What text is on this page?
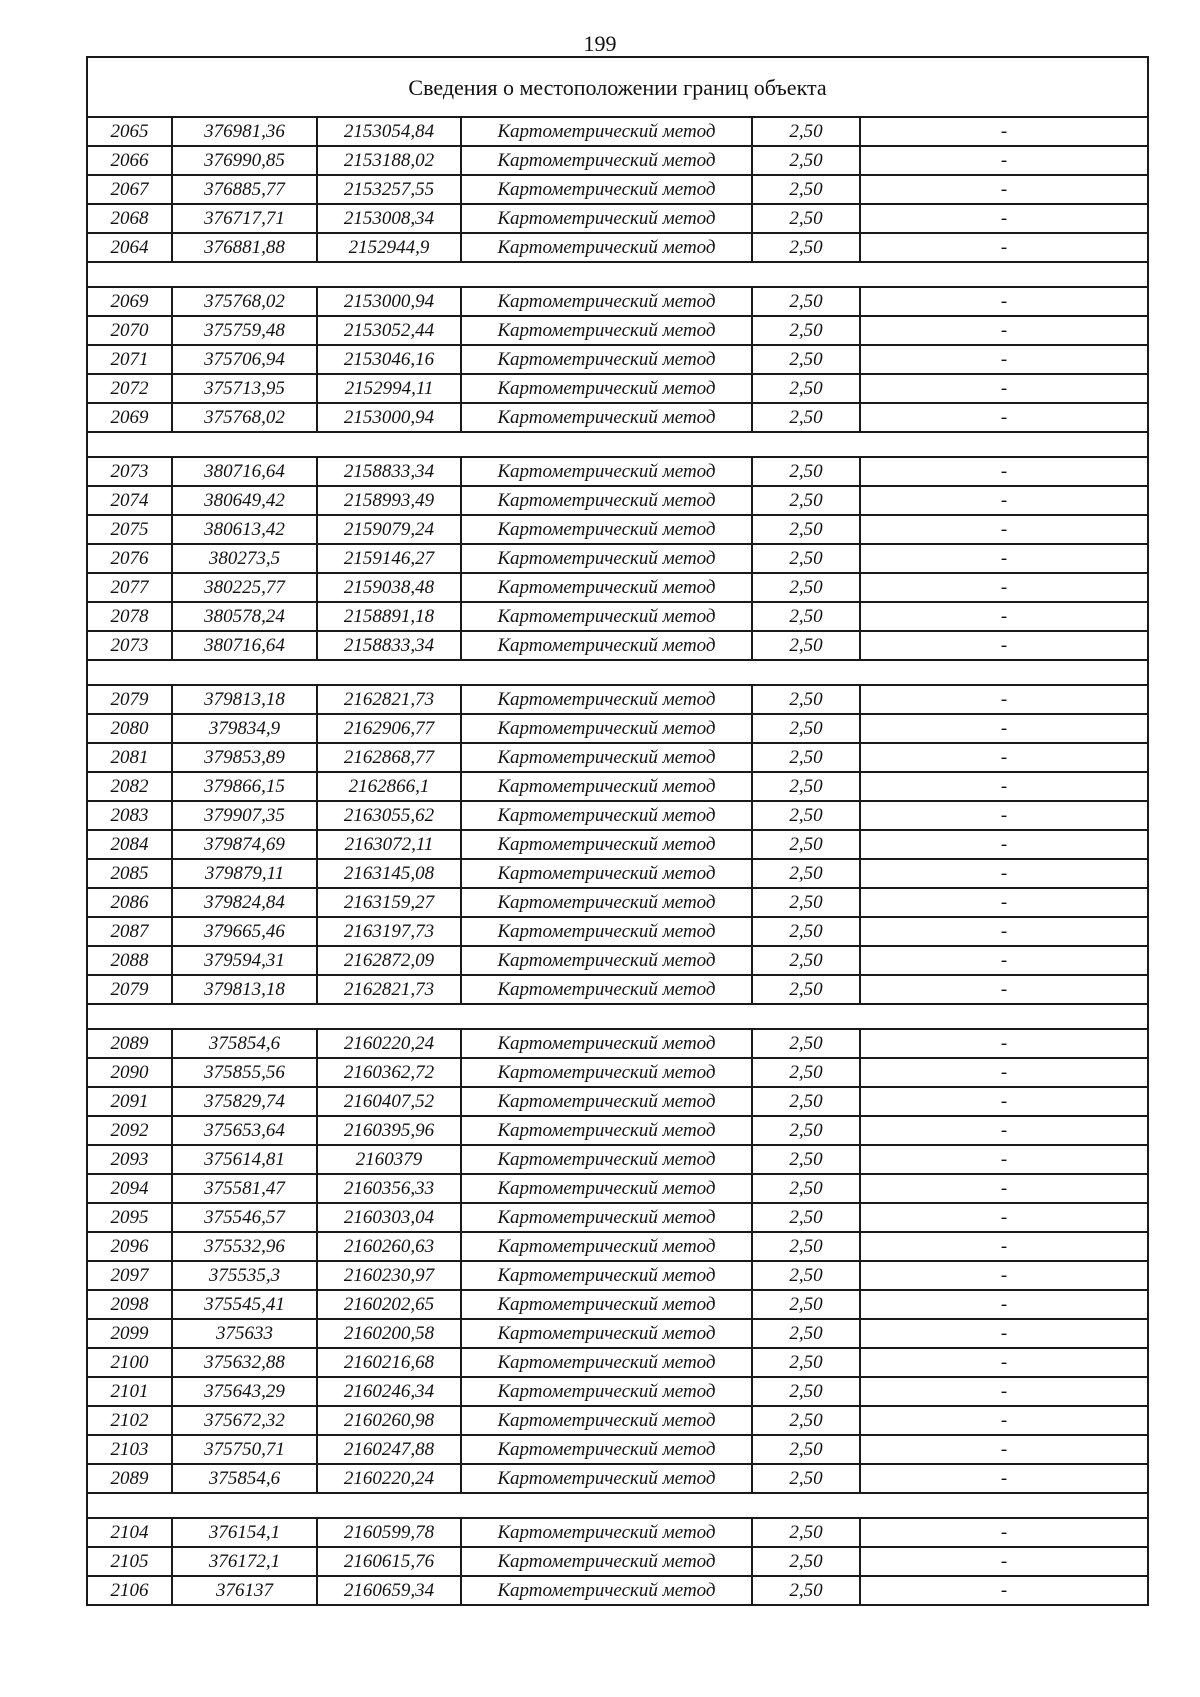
199
Сведения о местоположении границ объекта					
2065	376981,36	2153054,84	Картометрический метод	2,50	-
2066	376990,85	2153188,02	Картометрический метод	2,50	-
2067	376885,77	2153257,55	Картометрический метод	2,50	-
2068	376717,71	2153008,34	Картометрический метод	2,50	-
2064	376881,88	2152944,9	Картометрический метод	2,50	-

2069	375768,02	2153000,94	Картометрический метод	2,50	-
2070	375759,48	2153052,44	Картометрический метод	2,50	-
2071	375706,94	2153046,16	Картометрический метод	2,50	-
2072	375713,95	2152994,11	Картометрический метод	2,50	-
2069	375768,02	2153000,94	Картометрический метод	2,50	-

2073	380716,64	2158833,34	Картометрический метод	2,50	-
2074	380649,42	2158993,49	Картометрический метод	2,50	-
2075	380613,42	2159079,24	Картометрический метод	2,50	-
2076	380273,5	2159146,27	Картометрический метод	2,50	-
2077	380225,77	2159038,48	Картометрический метод	2,50	-
2078	380578,24	2158891,18	Картометрический метод	2,50	-
2073	380716,64	2158833,34	Картометрический метод	2,50	-

2079	379813,18	2162821,73	Картометрический метод	2,50	-
2080	379834,9	2162906,77	Картометрический метод	2,50	-
2081	379853,89	2162868,77	Картометрический метод	2,50	-
2082	379866,15	2162866,1	Картометрический метод	2,50	-
2083	379907,35	2163055,62	Картометрический метод	2,50	-
2084	379874,69	2163072,11	Картометрический метод	2,50	-
2085	379879,11	2163145,08	Картометрический метод	2,50	-
2086	379824,84	2163159,27	Картометрический метод	2,50	-
2087	379665,46	2163197,73	Картометрический метод	2,50	-
2088	379594,31	2162872,09	Картометрический метод	2,50	-
2079	379813,18	2162821,73	Картометрический метод	2,50	-

2089	375854,6	2160220,24	Картометрический метод	2,50	-
2090	375855,56	2160362,72	Картометрический метод	2,50	-
2091	375829,74	2160407,52	Картометрический метод	2,50	-
2092	375653,64	2160395,96	Картометрический метод	2,50	-
2093	375614,81	2160379	Картометрический метод	2,50	-
2094	375581,47	2160356,33	Картометрический метод	2,50	-
2095	375546,57	2160303,04	Картометрический метод	2,50	-
2096	375532,96	2160260,63	Картометрический метод	2,50	-
2097	375535,3	2160230,97	Картометрический метод	2,50	-
2098	375545,41	2160202,65	Картометрический метод	2,50	-
2099	375633	2160200,58	Картометрический метод	2,50	-
2100	375632,88	2160216,68	Картометрический метод	2,50	-
2101	375643,29	2160246,34	Картометрический метод	2,50	-
2102	375672,32	2160260,98	Картометрический метод	2,50	-
2103	375750,71	2160247,88	Картометрический метод	2,50	-
2089	375854,6	2160220,24	Картометрический метод	2,50	-

2104	376154,1	2160599,78	Картометрический метод	2,50	-
2105	376172,1	2160615,76	Картометрический метод	2,50	-
2106	376137	2160659,34	Картометрический метод	2,50	-
